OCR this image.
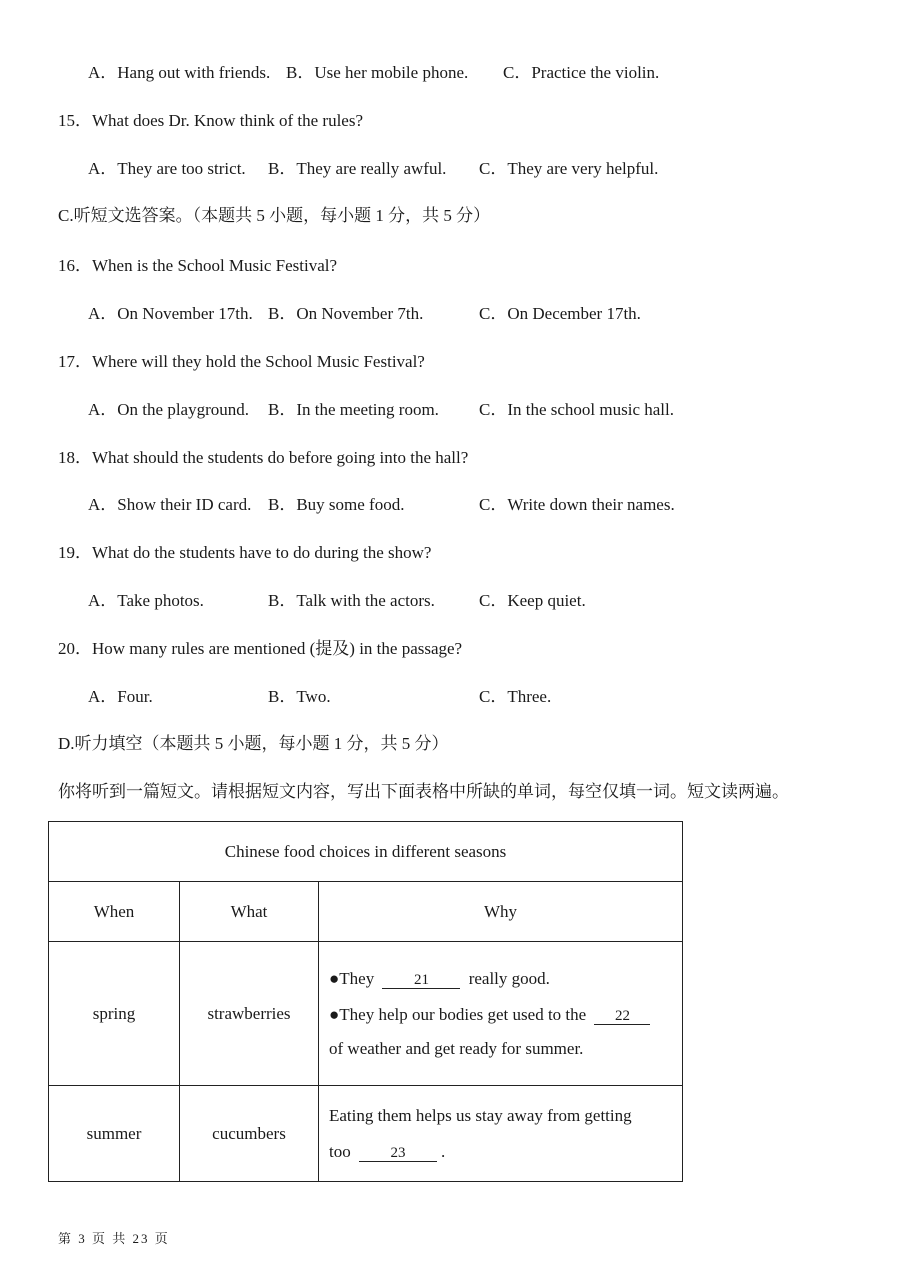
A．Hang out with friends. B．Use her mobile phone. C．Practice the violin.
15．What does Dr. Know think of the rules?
A．They are too strict. B．They are really awful. C．They are very helpful.
C.听短文选答案。（本题共 5 小题，每小题 1 分，共 5 分）
16．When is the School Music Festival?
A．On November 17th. B．On November 7th.	C．On December 17th.
17．Where will they hold the School Music Festival?
A．On the playground. B．In the meeting room. C．In the school music hall.
18．What should the students do before going into the hall?
A．Show their ID card. B．Buy some food.	C．Write down their names.
19．What do the students have to do during the show?
A．Take photos.	B．Talk with the actors.	C．Keep quiet.
20．How many rules are mentioned (提及) in the passage?
A．Four.	B．Two.	C．Three.
D.听力填空（本题共 5 小题，每小题 1 分，共 5 分）
你将听到一篇短文。请根据短文内容，写出下面表格中所缺的单词，每空仅填一词。短文读两遍。
Chinese food choices in different seasons		
When	What	Why
spring	strawberries	●They 21 really good.
●They help our bodies get used to the 22
of weather and get ready for summer.

summer	cucumbers	Eating them helps us stay away from getting
too 23 .
第 3 页 共 23 页
